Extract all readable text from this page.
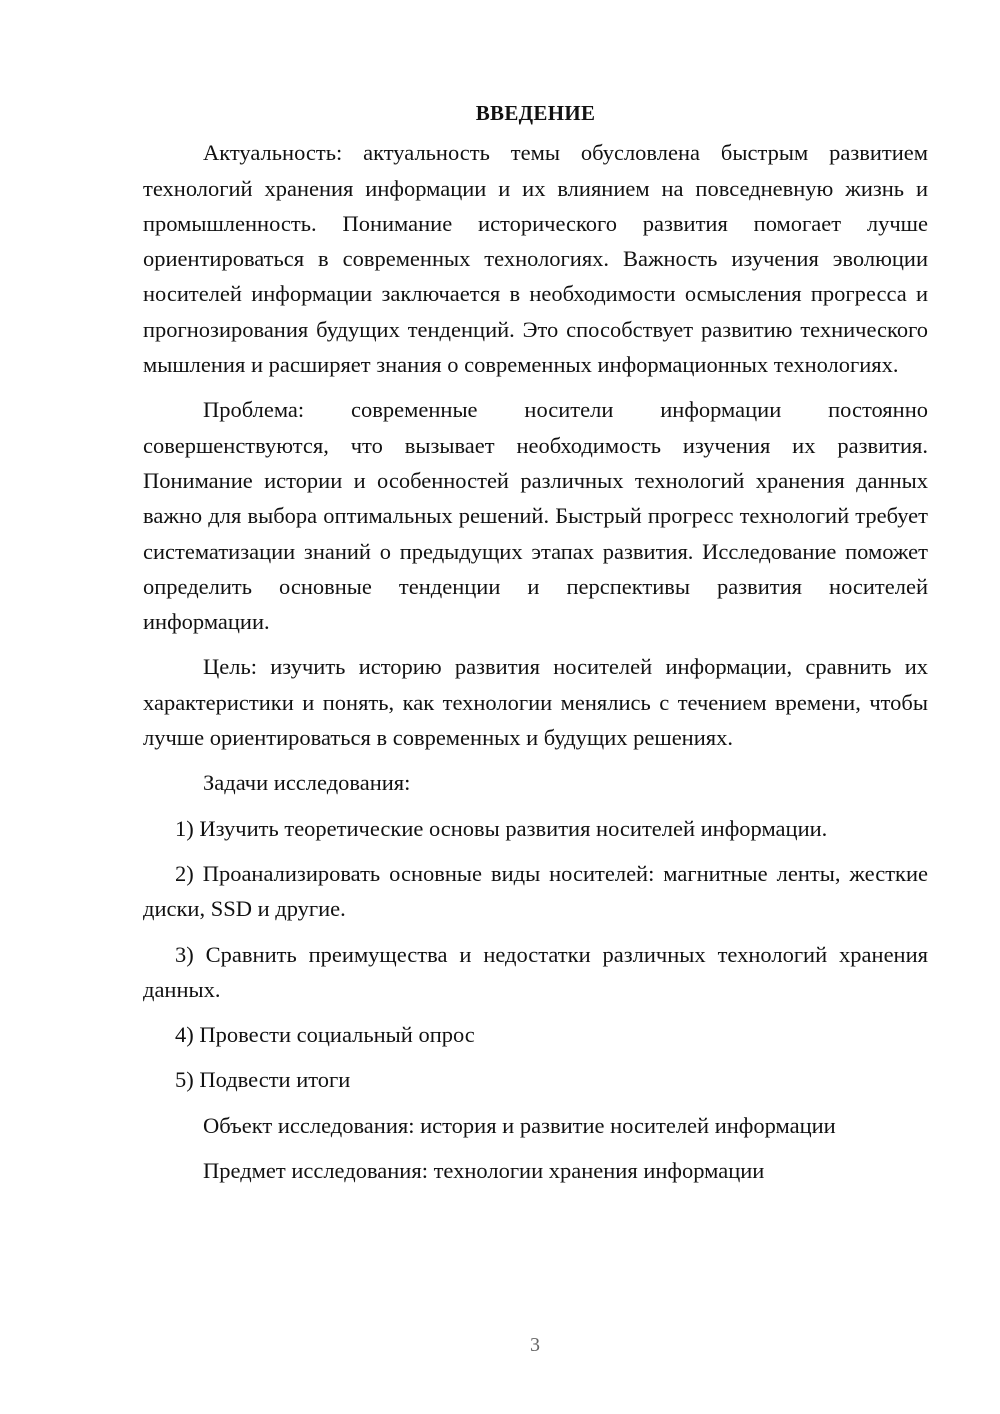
ВВЕДЕНИЕ

Актуальность: актуальность темы обусловлена быстрым развитием технологий хранения информации и их влиянием на повседневную жизнь и промышленность. Понимание исторического развития помогает лучше ориентироваться в современных технологиях. Важность изучения эволюции носителей информации заключается в необходимости осмысления прогресса и прогнозирования будущих тенденций. Это способствует развитию технического мышления и расширяет знания о современных информационных технологиях.

Проблема: современные носители информации постоянно совершенствуются, что вызывает необходимость изучения их развития. Понимание истории и особенностей различных технологий хранения данных важно для выбора оптимальных решений. Быстрый прогресс технологий требует систематизации знаний о предыдущих этапах развития. Исследование поможет определить основные тенденции и перспективы развития носителей информации.

Цель: изучить историю развития носителей информации, сравнить их характеристики и понять, как технологии менялись с течением времени, чтобы лучше ориентироваться в современных и будущих решениях.

Задачи исследования:

1) Изучить теоретические основы развития носителей информации.

2) Проанализировать основные виды носителей: магнитные ленты, жесткие диски, SSD и другие.

3) Сравнить преимущества и недостатки различных технологий хранения данных.

4) Провести социальный опрос

5) Подвести итоги

Объект исследования: история и развитие носителей информации

Предмет исследования: технологии хранения информации

3
